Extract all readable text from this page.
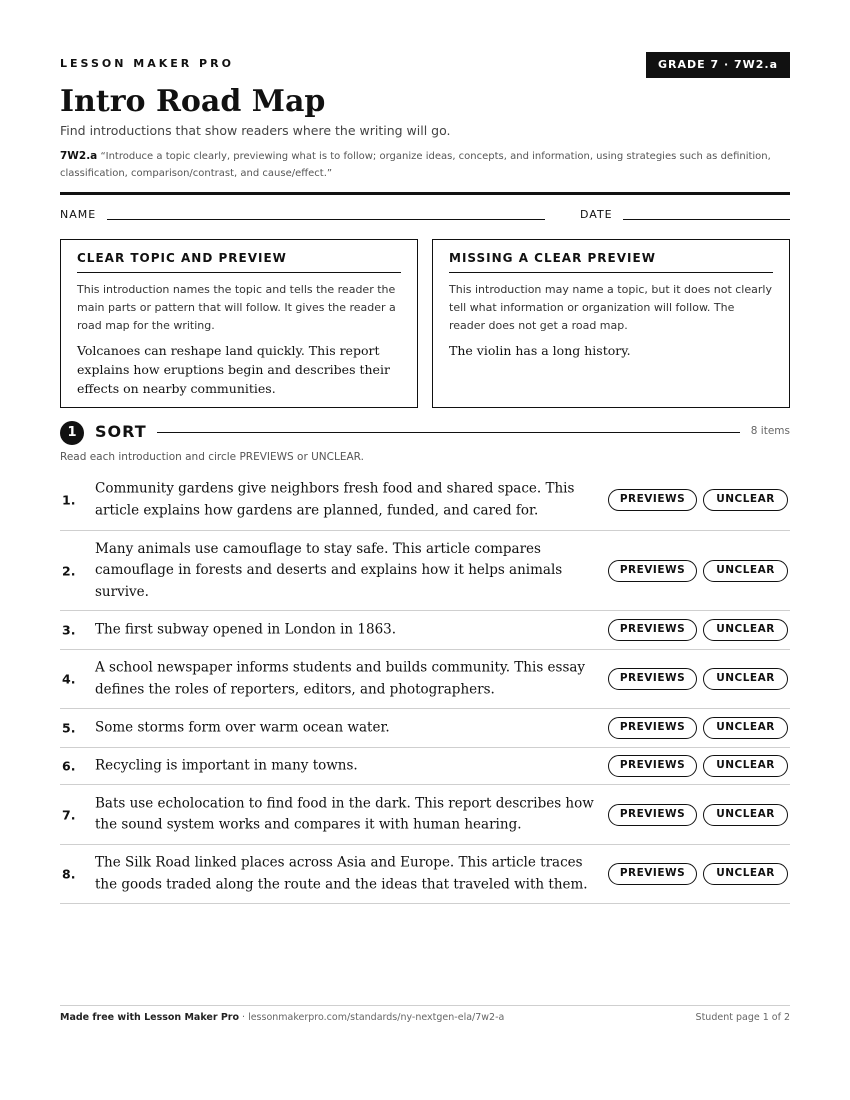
LESSON MAKER PRO	GRADE 7 · 7W2.a
Intro Road Map
Find introductions that show readers where the writing will go.
7W2.a “Introduce a topic clearly, previewing what is to follow; organize ideas, concepts, and information, using strategies such as definition, classification, comparison/contrast, and cause/effect.”
NAME	DATE
CLEAR TOPIC AND PREVIEW
This introduction names the topic and tells the reader the main parts or pattern that will follow. It gives the reader a road map for the writing.
Volcanoes can reshape land quickly. This report explains how eruptions begin and describes their effects on nearby communities.
MISSING A CLEAR PREVIEW
This introduction may name a topic, but it does not clearly tell what information or organization will follow. The reader does not get a road map.
The violin has a long history.
1	SORT	8 items
Read each introduction and circle PREVIEWS or UNCLEAR.
1.
Community gardens give neighbors fresh food and shared space. This article explains how gardens are planned, funded, and cared for.
PREVIEWS	UNCLEAR
2.
Many animals use camouflage to stay safe. This article compares camouflage in forests and deserts and explains how it helps animals survive.
PREVIEWS	UNCLEAR
3. The first subway opened in London in 1863.	PREVIEWS	UNCLEAR
4.
A school newspaper informs students and builds community. This essay defines the roles of reporters, editors, and photographers.
PREVIEWS	UNCLEAR
5. Some storms form over warm ocean water.	PREVIEWS	UNCLEAR
6. Recycling is important in many towns.	PREVIEWS	UNCLEAR
7.
Bats use echolocation to find food in the dark. This report describes how the sound system works and compares it with human hearing.
PREVIEWS	UNCLEAR
8.
The Silk Road linked places across Asia and Europe. This article traces the goods traded along the route and the ideas that traveled with them.
PREVIEWS	UNCLEAR
Made free with Lesson Maker Pro · lessonmakerpro.com/standards/ny-nextgen-ela/7w2-a	Student page 1 of 2
